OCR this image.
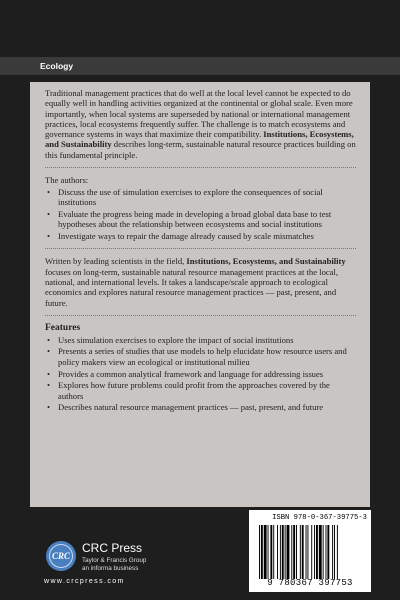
Ecology

Traditional management practices that do well at the local level cannot be expected to do equally well in handling activities organized at the continental or global scale. Even more importantly, when local systems are superseded by national or international management practices, local ecosystems frequently suffer. The challenge is to match ecosystems and governance systems in ways that maximize their compatibility. Institutions, Ecosystems, and Sustainability describes long-term, sustainable natural resource practices building on this fundamental principle.

The authors:

• Discuss the use of simulation exercises to explore the consequences of social institutions
• Evaluate the progress being made in developing a broad global data base to test hypotheses about the relationship between ecosystems and social institutions
• Investigate ways to repair the damage already caused by scale mismatches

Written by leading scientists in the field, Institutions, Ecosystems, and Sustainability focuses on long-term, sustainable natural resource management practices at the local, national, and international levels. It takes a landscape/scale approach to ecological economics and explores natural resource management practices — past, present, and future.

Features

• Uses simulation exercises to explore the impact of social institutions
• Presents a series of studies that use models to help elucidate how resource users and policy makers view an ecological or institutional milieu
• Provides a common analytical framework and language for addressing issues
• Explores how future problems could profit from the approaches covered by the authors
• Describes natural resource management practices — past, present, and future
CRC
CRC Press
Taylor & Francis Group
an informa business
www.crcpress.com
ISBN 978-0-367-39775-3
9 780367 397753
